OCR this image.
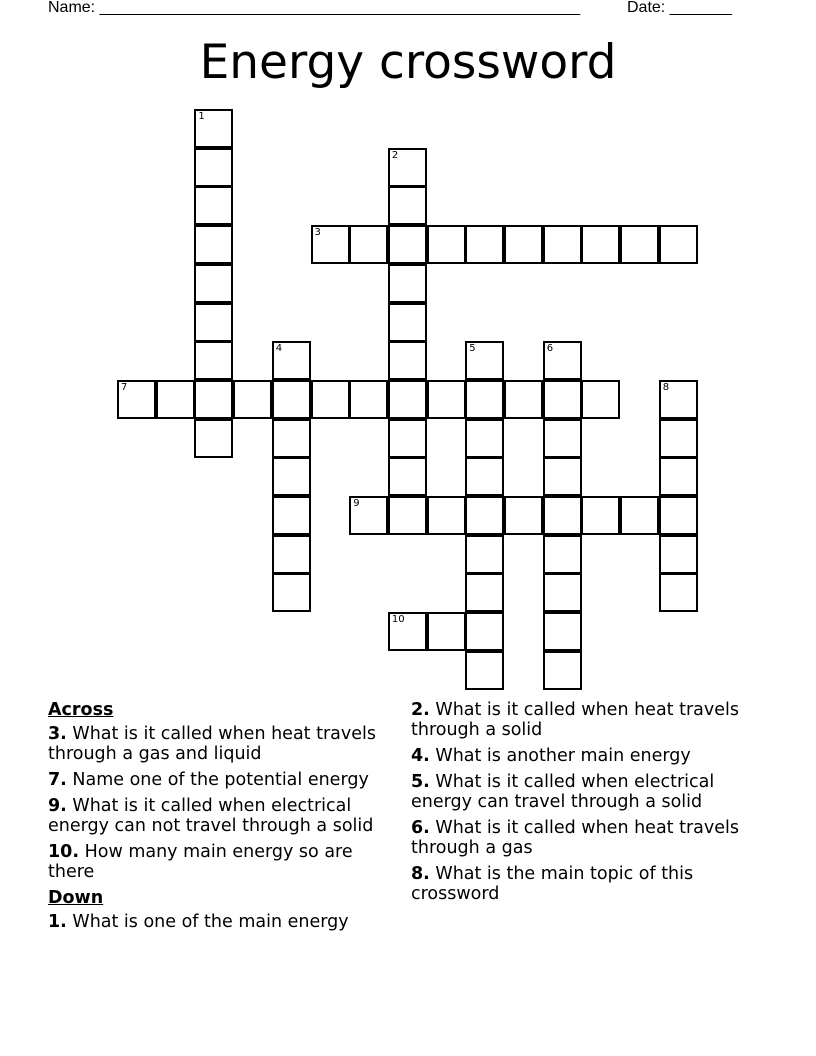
Name: ______________________________________________________	Date: _______
Energy crossword
1
2
3
4	5	6
7	8
9
10
Across
3. What is it called when heat travels through a gas and liquid
7. Name one of the potential energy
9. What is it called when electrical energy can not travel through a solid
10. How many main energy so are there
Down
1. What is one of the main energy
2. What is it called when heat travels through a solid
4. What is another main energy
5. What is it called when electrical energy can travel through a solid
6. What is it called when heat travels through a gas
8. What is the main topic of this crossword
